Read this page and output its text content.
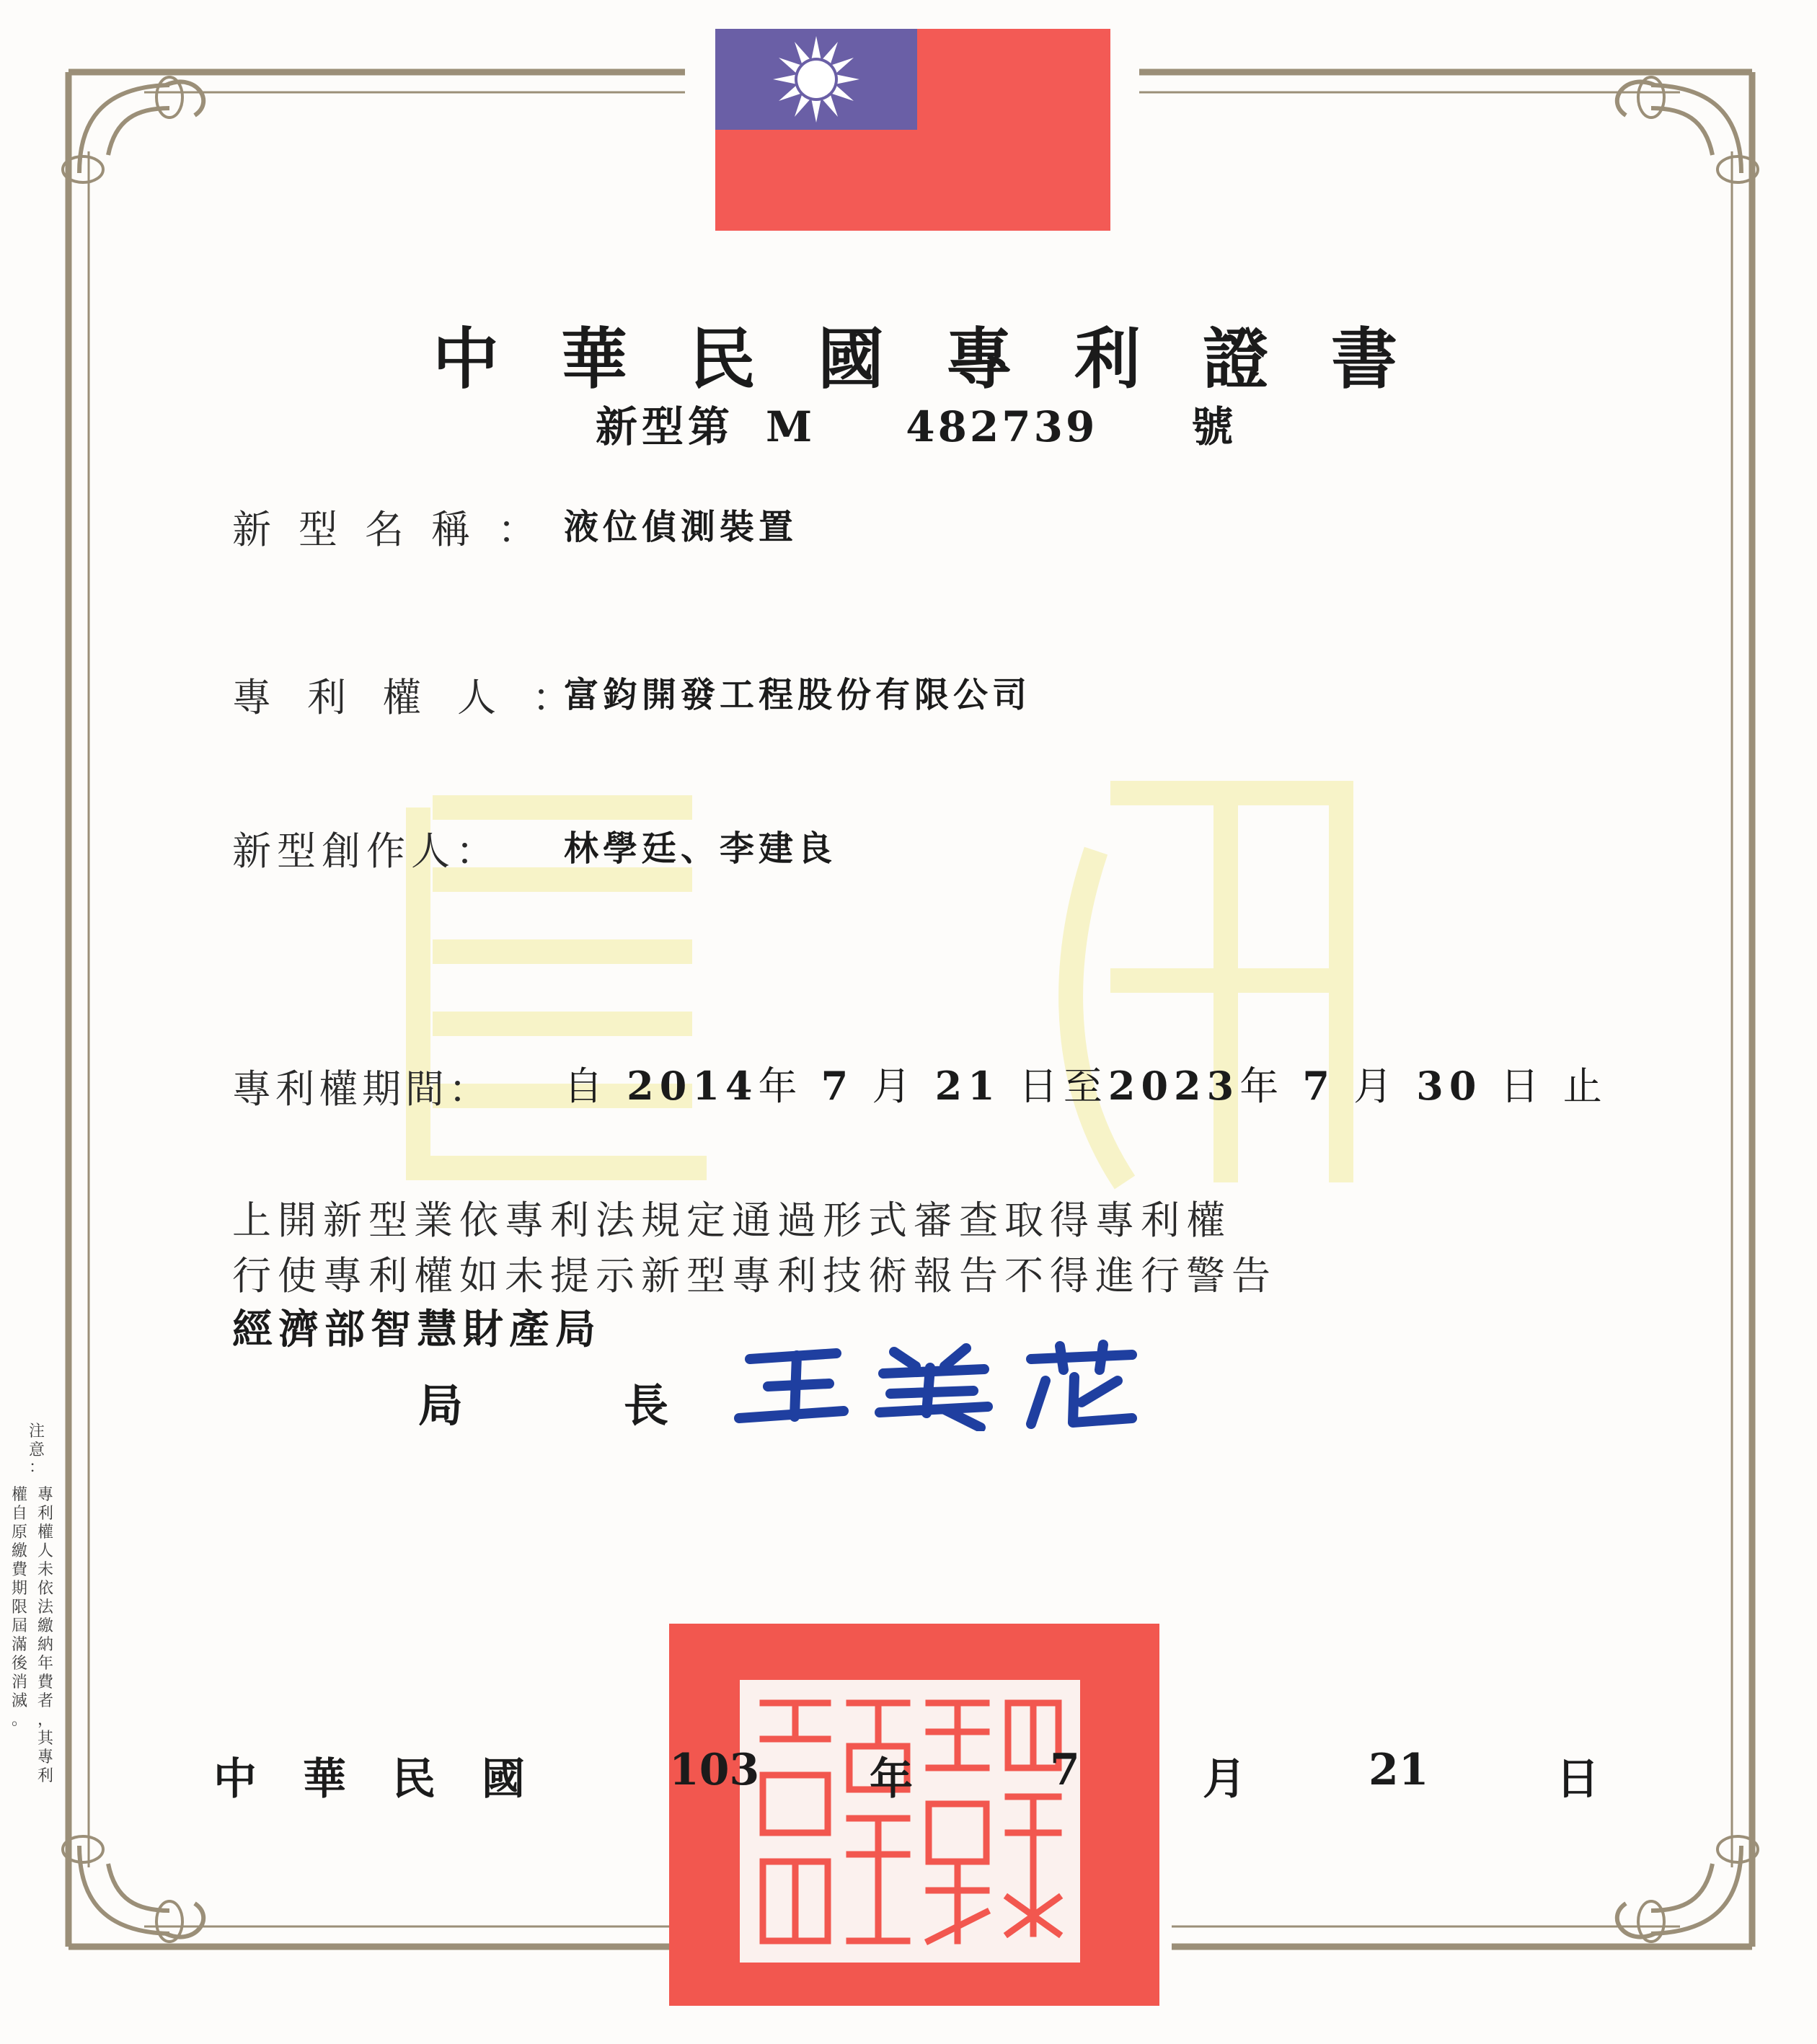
中華民國專利證書
新型第 M 482739 號
新型名稱： 液位偵測裝置
專利權人：
富鈞開發工程股份有限公司
新型創作人： 林學廷、李建良
專利權期間： 自 2014年 7 月 21 日至2023年 7 月 30 日 止
上開新型業依專利法規定通過形式審查取得專利權
行使專利權如未提示新型專利技術報告不得進行警告
經濟部智慧財產局
局	長
注
意
：
專
利
權
人
未
依
法
繳
納
年
費
者
，
其
專
利
權
自
原
繳
費
期
限
屆
滿
後
消
滅
。
中華民國 103	年	7	月	21	日
